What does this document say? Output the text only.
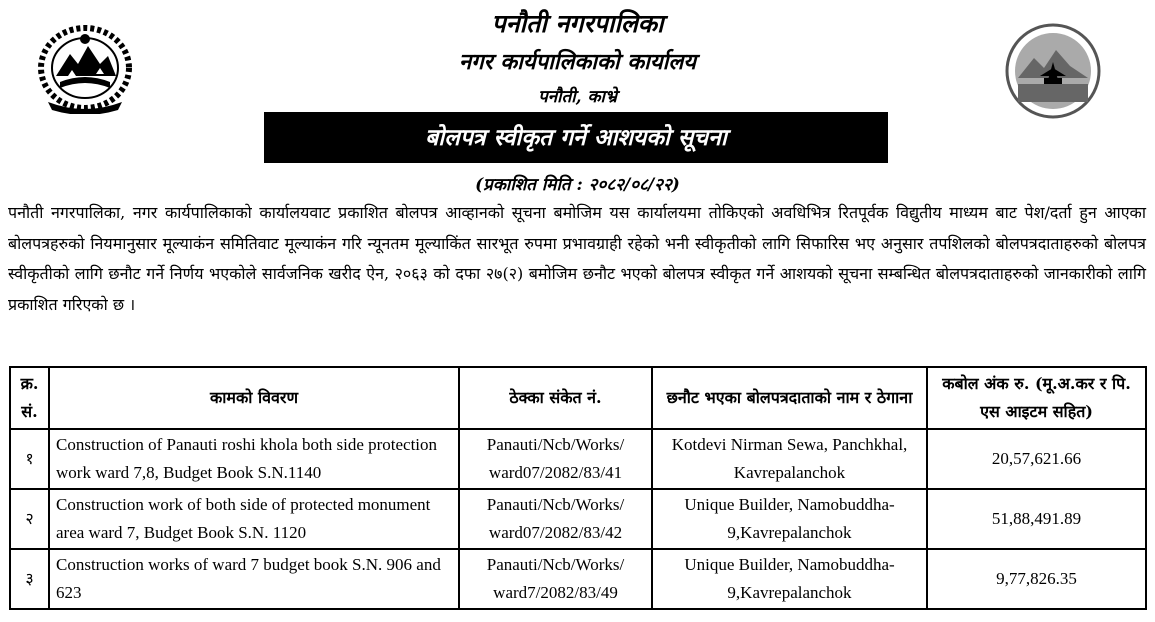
पनौती नगरपालिका
नगर कार्यपालिकाको कार्यालय
पनौती, काभ्रे
बोलपत्र स्वीकृत गर्ने आशयको सूचना
(प्रकाशित मिति : २०८२/०८/२२)
पनौती नगरपालिका, नगर कार्यपालिकाको कार्यालयवाट प्रकाशित बोलपत्र आव्हानको सूचना बमोजिम यस कार्यालयमा तोकिएको अवधिभित्र रितपूर्वक विद्युतीय माध्यम बाट पेश/दर्ता हुन आएका बोलपत्रहरुको नियमानुसार मूल्याकंन समितिवाट मूल्याकंन गरि न्यूनतम मूल्याकिंत सारभूत रुपमा प्रभावग्राही रहेको भनी स्वीकृतीको लागि सिफारिस भए अनुसार तपशिलको बोलपत्रदाताहरुको बोलपत्र स्वीकृतीको लागि छनौट गर्ने निर्णय भएकोले सार्वजनिक खरीद ऐन, २०६३ को दफा २७(२) बमोजिम छनौट भएको बोलपत्र स्वीकृत गर्ने आशयको सूचना सम्बन्धित बोलपत्रदाताहरुको जानकारीको लागि प्रकाशित गरिएको छ ।
क्र. सं.	कामको विवरण	ठेक्का संकेत नं.	छनौट भएका बोलपत्रदाताको नाम र ठेगाना	कबोल अंक रु. (मू.अ.कर र पि. एस आइटम सहित)
१	Construction of Panauti roshi khola both side protection work ward 7,8, Budget Book S.N.1140	Panauti/Ncb/Works/ ward07/2082/83/41	Kotdevi Nirman Sewa, Panchkhal, Kavrepalanchok	20,57,621.66
२	Construction work of both side of protected monument area ward 7, Budget Book S.N. 1120	Panauti/Ncb/Works/ ward07/2082/83/42	Unique Builder, Namobuddha-9,Kavrepalanchok	51,88,491.89
३	Construction works of ward 7 budget book S.N. 906 and 623	Panauti/Ncb/Works/ ward7/2082/83/49	Unique Builder, Namobuddha-9,Kavrepalanchok	9,77,826.35
